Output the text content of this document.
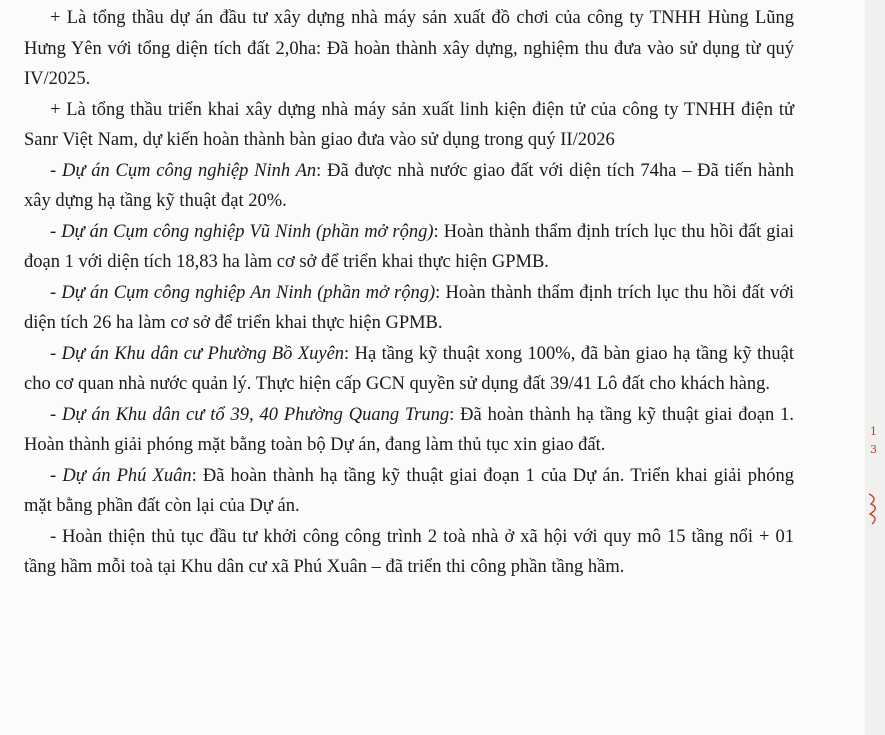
+ Là tổng thầu dự án đầu tư xây dựng nhà máy sản xuất đồ chơi của công ty TNHH Hùng Lũng Hưng Yên với tổng diện tích đất 2,0ha: Đã hoàn thành xây dựng, nghiệm thu đưa vào sử dụng từ quý IV/2025.

+ Là tổng thầu triển khai xây dựng nhà máy sản xuất linh kiện điện tử của công ty TNHH điện tử Sanr Việt Nam, dự kiến hoàn thành bàn giao đưa vào sử dụng trong quý II/2026

- Dự án Cụm công nghiệp Ninh An: Đã được nhà nước giao đất với diện tích 74ha – Đã tiến hành xây dựng hạ tầng kỹ thuật đạt 20%.

- Dự án Cụm công nghiệp Vũ Ninh (phần mở rộng): Hoàn thành thẩm định trích lục thu hồi đất giai đoạn 1 với diện tích 18,83 ha làm cơ sở để triển khai thực hiện GPMB.

- Dự án Cụm công nghiệp An Ninh (phần mở rộng): Hoàn thành thẩm định trích lục thu hồi đất với diện tích 26 ha làm cơ sở để triển khai thực hiện GPMB.

- Dự án Khu dân cư Phường Bồ Xuyên: Hạ tầng kỹ thuật xong 100%, đã bàn giao hạ tầng kỹ thuật cho cơ quan nhà nước quản lý. Thực hiện cấp GCN quyền sử dụng đất 39/41 Lô đất cho khách hàng.

- Dự án Khu dân cư tổ 39, 40 Phường Quang Trung: Đã hoàn thành hạ tầng kỹ thuật giai đoạn 1. Hoàn thành giải phóng mặt bằng toàn bộ Dự án, đang làm thủ tục xin giao đất.

- Dự án Phú Xuân: Đã hoàn thành hạ tầng kỹ thuật giai đoạn 1 của Dự án. Triển khai giải phóng mặt bằng phần đất còn lại của Dự án.

- Hoàn thiện thủ tục đầu tư khởi công công trình 2 toà nhà ở xã hội với quy mô 15 tầng nổi + 01 tầng hầm mỗi toà tại Khu dân cư xã Phú Xuân – đã triển thi công phần tầng hầm.

1
3
